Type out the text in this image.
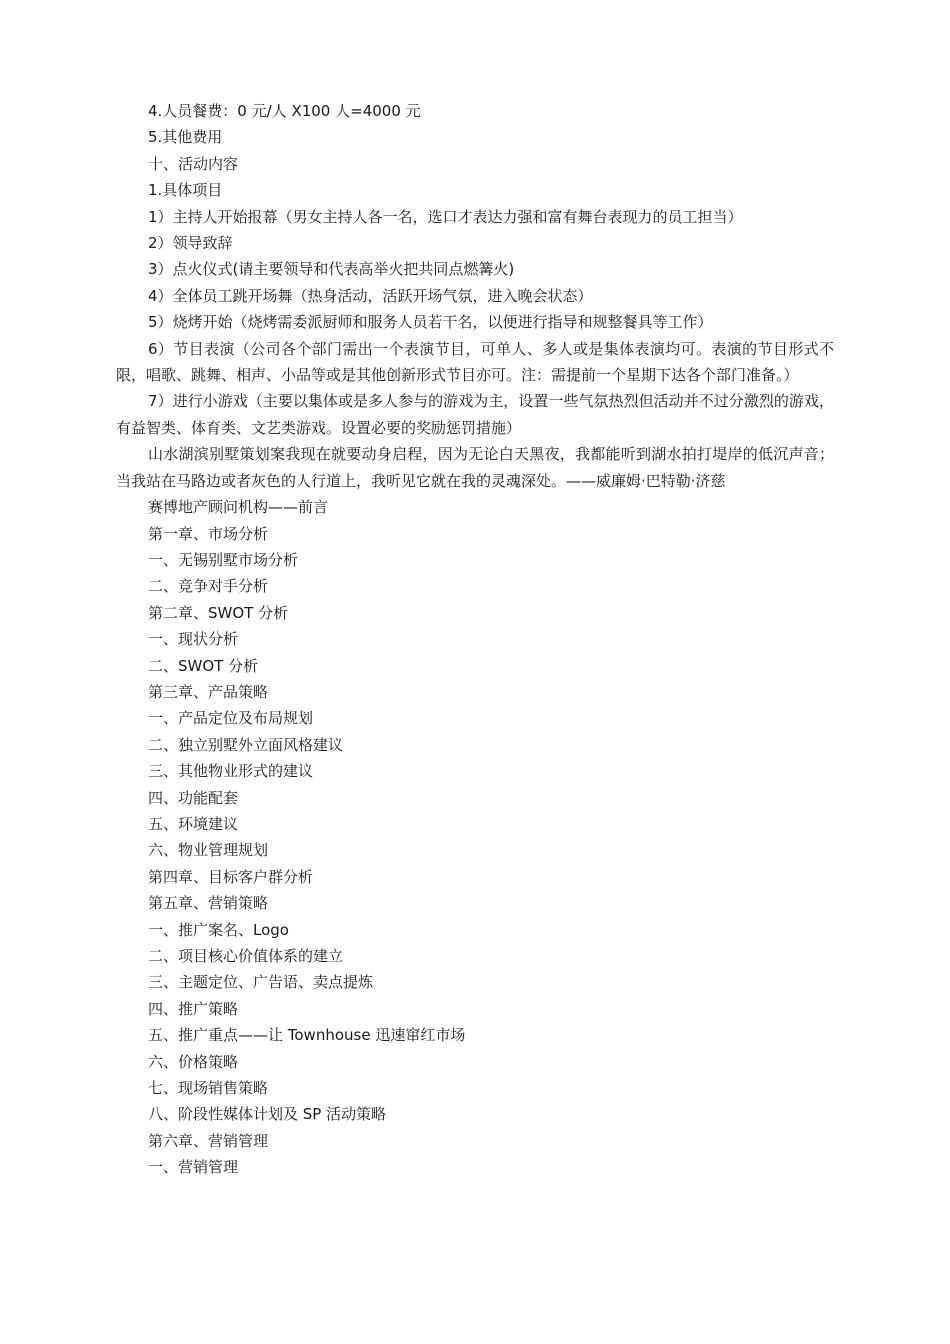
4.人员餐费：0 元/人 X100 人=4000 元

5.其他费用

十、活动内容

1.具体项目

1）主持人开始报幕（男女主持人各一名，选口才表达力强和富有舞台表现力的员工担当）

2）领导致辞

3）点火仪式(请主要领导和代表高举火把共同点燃篝火)

4）全体员工跳开场舞（热身活动，活跃开场气氛，进入晚会状态）

5）烧烤开始（烧烤需委派厨师和服务人员若干名，以便进行指导和规整餐具等工作）

6）节目表演（公司各个部门需出一个表演节目，可单人、多人或是集体表演均可。表演的节目形式不限，唱歌、跳舞、相声、小品等或是其他创新形式节目亦可。注：需提前一个星期下达各个部门准备。）

7）进行小游戏（主要以集体或是多人参与的游戏为主，设置一些气氛热烈但活动并不过分激烈的游戏，有益智类、体育类、文艺类游戏。设置必要的奖励惩罚措施）

山水湖滨别墅策划案我现在就要动身启程，因为无论白天黑夜，我都能听到湖水拍打堤岸的低沉声音；当我站在马路边或者灰色的人行道上，我听见它就在我的灵魂深处。——威廉姆·巴特勒·济慈

赛博地产顾问机构——前言

第一章、市场分析

一、无锡别墅市场分析

二、竞争对手分析

第二章、SWOT 分析

一、现状分析

二、SWOT 分析

第三章、产品策略

一、产品定位及布局规划

二、独立别墅外立面风格建议

三、其他物业形式的建议

四、功能配套

五、环境建议

六、物业管理规划

第四章、目标客户群分析

第五章、营销策略

一、推广案名、Logo

二、项目核心价值体系的建立

三、主题定位、广告语、卖点提炼

四、推广策略

五、推广重点——让 Townhouse 迅速窜红市场

六、价格策略

七、现场销售策略

八、阶段性媒体计划及 SP 活动策略

第六章、营销管理

一、营销管理
